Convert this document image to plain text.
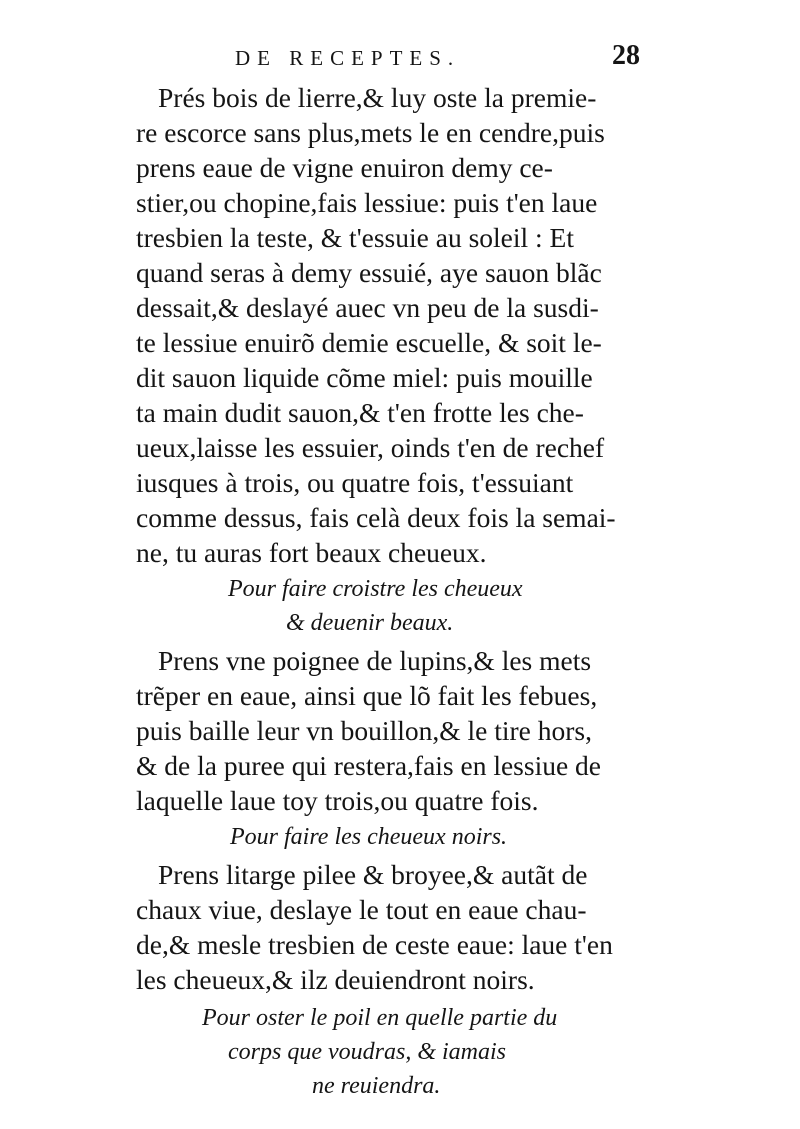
DE RECEPTES.	28
Prés bois de lierre,& luy oste la premie-
re escorce sans plus,mets le en cendre,puis
prens eaue de vigne enuiron demy ce-
stier,ou chopine,fais lessiue: puis t'en laue
tresbien la teste, & t'essuie au soleil : Et
quand seras à demy essuié, aye sauon blãc
dessait,& deslayé auec vn peu de la susdi-
te lessiue enuirõ demie escuelle, & soit le-
dit sauon liquide cõme miel: puis mouille
ta main dudit sauon,& t'en frotte les che-
ueux,laisse les essuier, oinds t'en de rechef
iusques à trois, ou quatre fois, t'essuiant
comme dessus, fais celà deux fois la semai-
ne, tu auras fort beaux cheueux.
Pour faire croistre les cheueux
& deuenir beaux.
Prens vne poignee de lupins,& les mets
trẽper en eaue, ainsi que lõ fait les febues,
puis baille leur vn bouillon,& le tire hors,
& de la puree qui restera,fais en lessiue de
laquelle laue toy trois,ou quatre fois.
Pour faire les cheueux noirs.
Prens litarge pilee & broyee,& autãt de
chaux viue, deslaye le tout en eaue chau-
de,& mesle tresbien de ceste eaue: laue t'en
les cheueux,& ilz deuiendront noirs.
Pour oster le poil en quelle partie du
corps que voudras, & iamais
ne reuiendra.
